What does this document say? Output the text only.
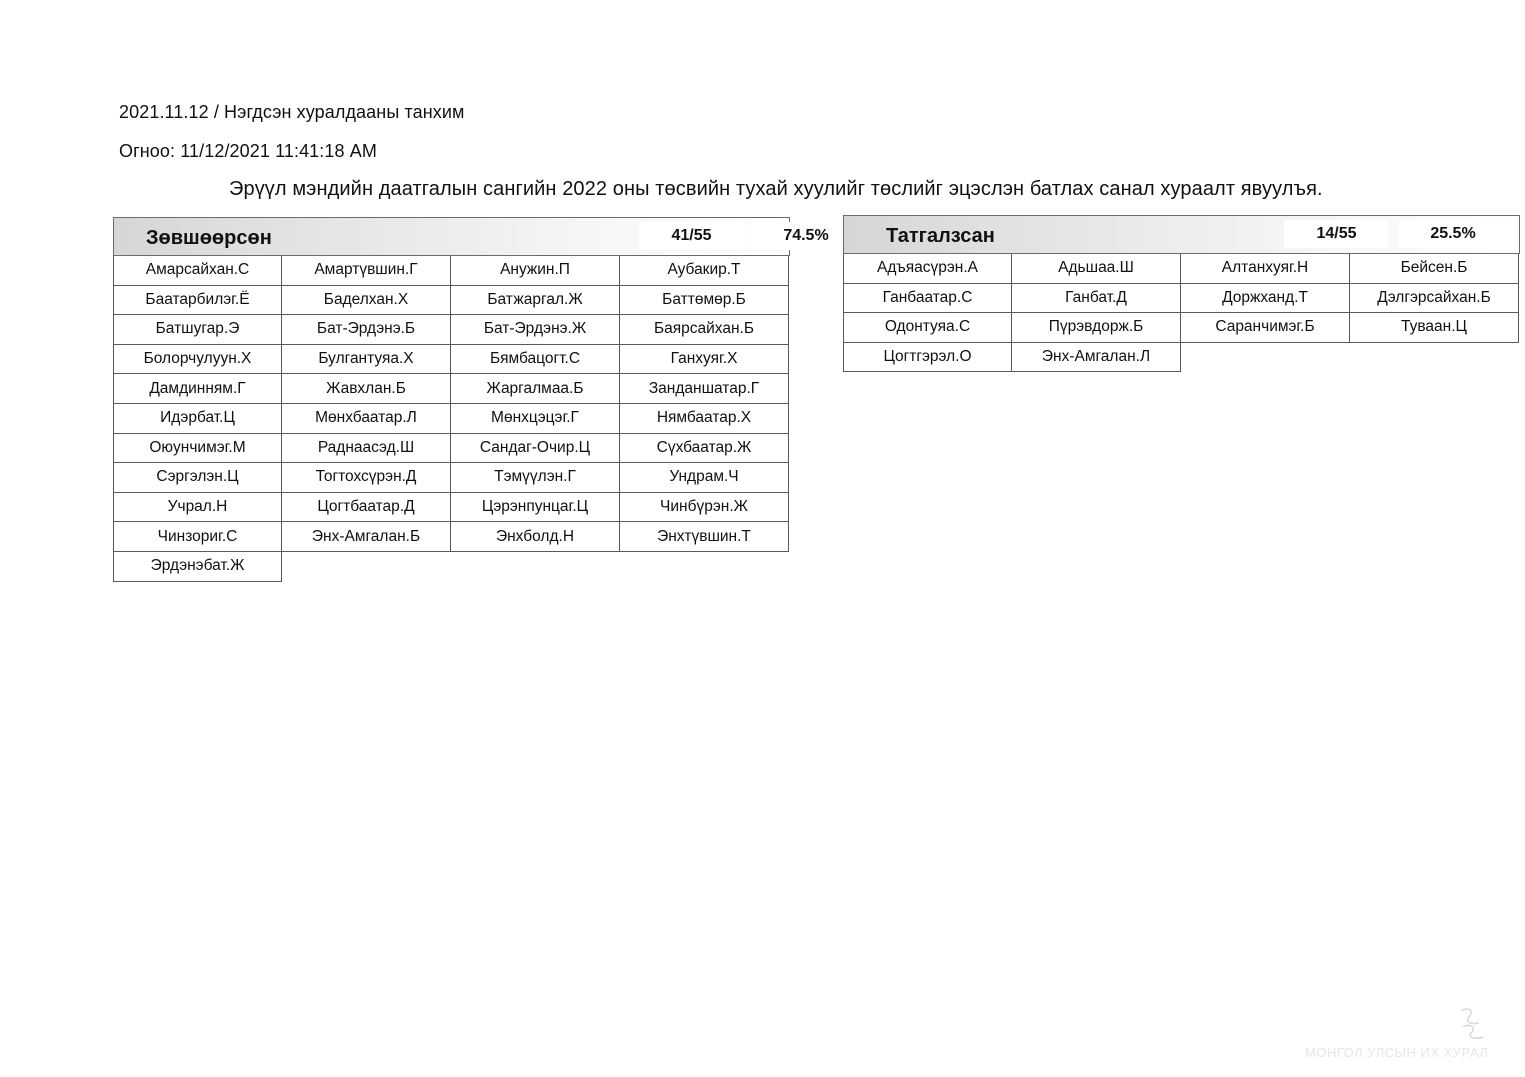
2021.11.12 / Нэгдсэн хуралдааны танхим
Огноо: 11/12/2021 11:41:18 AM
Эрүүл мэндийн даатгалын сангийн 2022 оны төсвийн тухай хуулийг төслийг эцэслэн батлах санал хураалт явуулъя.
Зөвшөөрсөн	41/55	74.5%
Амарсайхан.С	Амартүвшин.Г	Анужин.П	Аубакир.Т
Баатарбилэг.Ё	Баделхан.Х	Батжаргал.Ж	Баттөмөр.Б
Батшугар.Э	Бат-Эрдэнэ.Б	Бат-Эрдэнэ.Ж	Баярсайхан.Б
Болорчулуун.Х	Булгантуяа.Х	Бямбацогт.С	Ганхуяг.Х
Дамдинням.Г	Жавхлан.Б	Жаргалмаа.Б	Занданшатар.Г
Идэрбат.Ц	Мөнхбаатар.Л	Мөнхцэцэг.Г	Нямбаатар.Х
Оюунчимэг.М	Раднаасэд.Ш	Сандаг-Очир.Ц	Сүхбаатар.Ж
Сэргэлэн.Ц	Тогтохсүрэн.Д	Тэмүүлэн.Г	Ундрам.Ч
Учрал.Н	Цогтбаатар.Д	Цэрэнпунцаг.Ц	Чинбүрэн.Ж
Чинзориг.С	Энх-Амгалан.Б	Энхболд.Н	Энхтүвшин.Т
Эрдэнэбат.Ж
Татгалзсан	14/55	25.5%
Адъяасүрэн.А	Адьшаа.Ш	Алтанхуяг.Н	Бейсен.Б
Ганбаатар.С	Ганбат.Д	Доржханд.Т	Дэлгэрсайхан.Б
Одонтуяа.С	Пүрэвдорж.Б	Саранчимэг.Б	Туваан.Ц
Цогтгэрэл.О	Энх-Амгалан.Л
МОНГОЛ УЛСЫН ИХ ХУРАЛ
